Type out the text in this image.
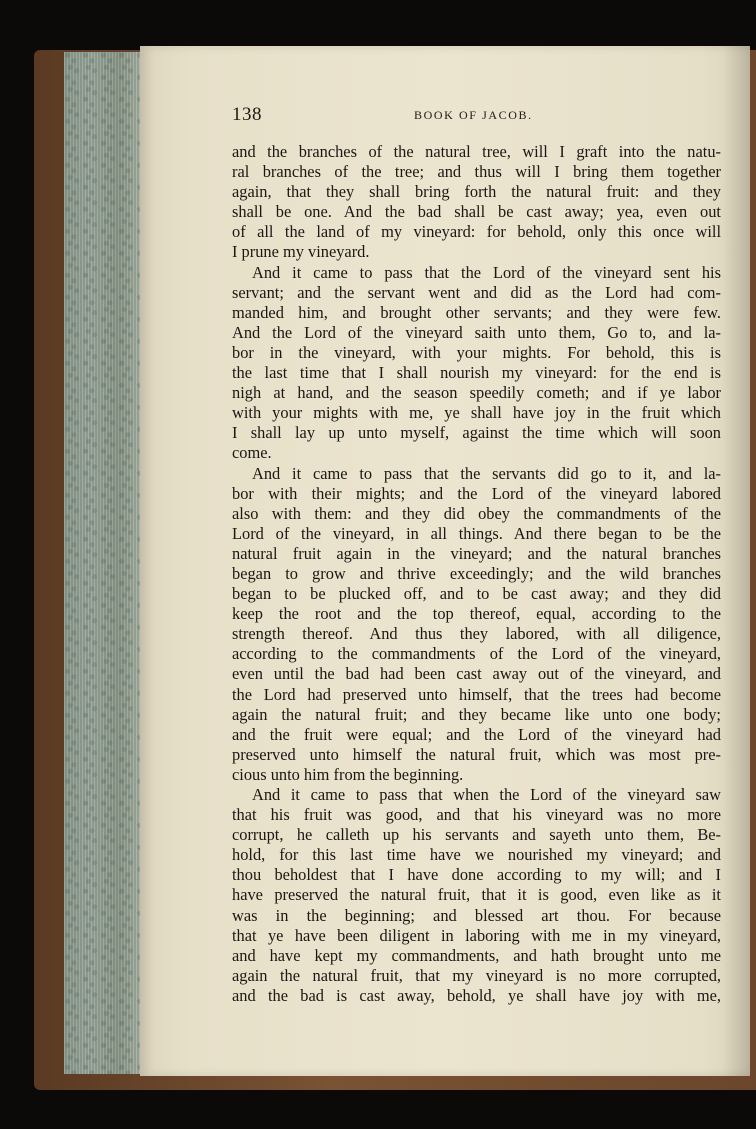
138	BOOK OF JACOB.
and the branches of the natural tree, will I graft into the natu-
ral branches of the tree; and thus will I bring them together
again, that they shall bring forth the natural fruit: and they
shall be one. And the bad shall be cast away; yea, even out
of all the land of my vineyard: for behold, only this once will
I prune my vineyard.
And it came to pass that the Lord of the vineyard sent his
servant; and the servant went and did as the Lord had com-
manded him, and brought other servants; and they were few.
And the Lord of the vineyard saith unto them, Go to, and la-
bor in the vineyard, with your mights. For behold, this is
the last time that I shall nourish my vineyard: for the end is
nigh at hand, and the season speedily cometh; and if ye labor
with your mights with me, ye shall have joy in the fruit which
I shall lay up unto myself, against the time which will soon
come.
And it came to pass that the servants did go to it, and la-
bor with their mights; and the Lord of the vineyard labored
also with them: and they did obey the commandments of the
Lord of the vineyard, in all things. And there began to be the
natural fruit again in the vineyard; and the natural branches
began to grow and thrive exceedingly; and the wild branches
began to be plucked off, and to be cast away; and they did
keep the root and the top thereof, equal, according to the
strength thereof. And thus they labored, with all diligence,
according to the commandments of the Lord of the vineyard,
even until the bad had been cast away out of the vineyard, and
the Lord had preserved unto himself, that the trees had become
again the natural fruit; and they became like unto one body;
and the fruit were equal; and the Lord of the vineyard had
preserved unto himself the natural fruit, which was most pre-
cious unto him from the beginning.
And it came to pass that when the Lord of the vineyard saw
that his fruit was good, and that his vineyard was no more
corrupt, he calleth up his servants and sayeth unto them, Be-
hold, for this last time have we nourished my vineyard; and
thou beholdest that I have done according to my will; and I
have preserved the natural fruit, that it is good, even like as it
was in the beginning; and blessed art thou. For because
that ye have been diligent in laboring with me in my vineyard,
and have kept my commandments, and hath brought unto me
again the natural fruit, that my vineyard is no more corrupted,
and the bad is cast away, behold, ye shall have joy with me,
